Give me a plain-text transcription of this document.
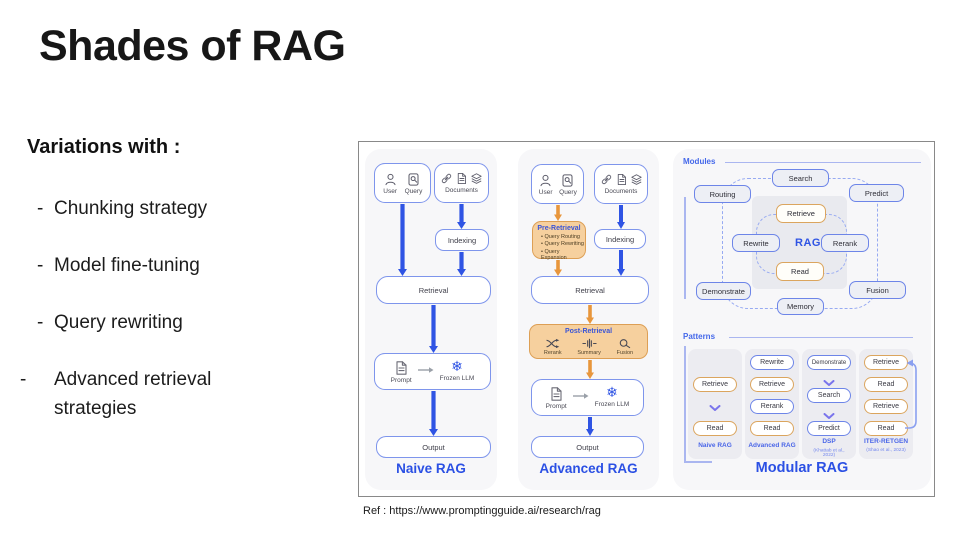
Shades of RAG
Variations with :
- Chunking strategy
- Model fine-tuning
- Query rewriting
- Advanced retrieval strategies
User Query	Documents
Indexing
Retrieval
Prompt
❄
Frozen LLM
Output
Naive RAG
User Query	Documents
Pre-Retrieval
• Query Routing
• Query Rewriting
• Query Expansion
Indexing
Retrieval
Post-Retrieval
Rerank	Summary	Fusion
Prompt
❄
Frozen LLM
Output
Advanced RAG
Modules
Search
Routing	Predict
Retrieve
Rewrite	RAG	Rerank
Read
Demonstrate
Memory
Fusion
Patterns
Retrieve
Read
Naive RAG
Rewrite
Retrieve
Rerank
Read
Advanced RAG
Demonstrate
Search
Predict
DSP
(Khattab et al., 2022)
Retrieve
Read
Retrieve
Read
ITER-RETGEN
(Shao et al., 2023)
Modular RAG
Ref : https://www.promptingguide.ai/research/rag
